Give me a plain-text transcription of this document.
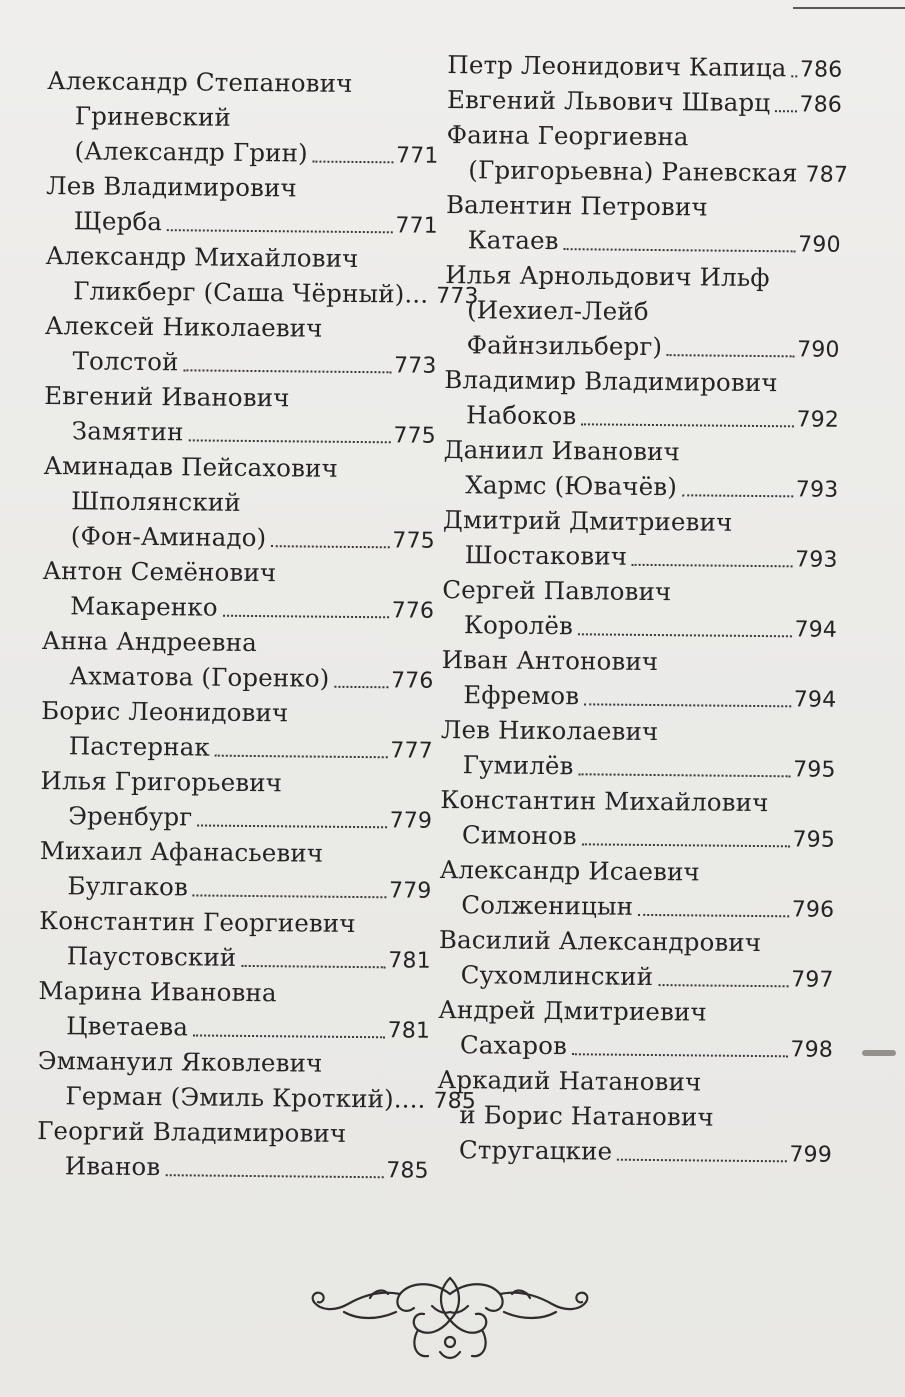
Александр Степанович
Гриневский
(Александр Грин)	771
Лев Владимирович
Щерба	771
Александр Михайлович
Гликберг (Саша Чёрный)... 773
Алексей Николаевич
Толстой	773
Евгений Иванович
Замятин	775
Аминадав Пейсахович
Шполянский
(Фон-Аминадо)	775
Антон Семёнович
Макаренко	776
Анна Андреевна
Ахматова (Горенко)	776
Борис Леонидович
Пастернак	777
Илья Григорьевич
Эренбург	779
Михаил Афанасьевич
Булгаков	779
Константин Георгиевич
Паустовский	781
Марина Ивановна
Цветаева	781
Эммануил Яковлевич
Герман (Эмиль Кроткий).... 785
Георгий Владимирович
Иванов	785
Петр Леонидович Капица 786
Евгений Львович Шварц 786
Фаина Георгиевна
(Григорьевна) Раневская 787
Валентин Петрович
Катаев	790
Илья Арнольдович Ильф
(Иехиел-Лейб
Файнзильберг)	790
Владимир Владимирович
Набоков	792
Даниил Иванович
Хармс (Ювачёв)	793
Дмитрий Дмитриевич
Шостакович	793
Сергей Павлович
Королёв	794
Иван Антонович
Ефремов	794
Лев Николаевич
Гумилёв	795
Константин Михайлович
Симонов	795
Александр Исаевич
Солженицын	796
Василий Александрович
Сухомлинский	797
Андрей Дмитриевич
Сахаров	798
Аркадий Натанович
и Борис Натанович
Стругацкие	799
